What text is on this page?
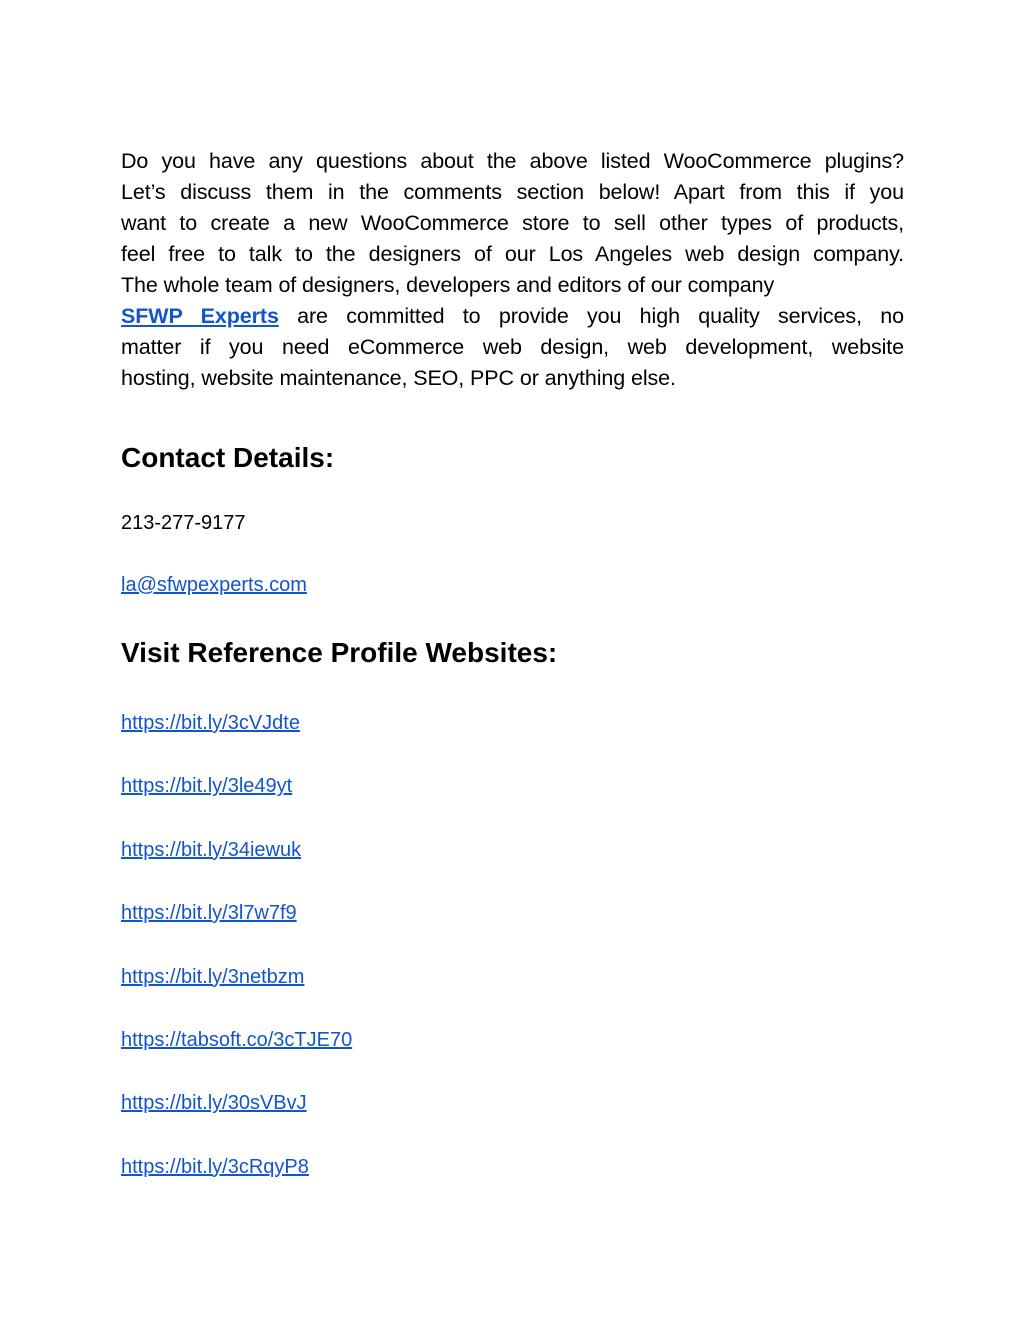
Do you have any questions about the above listed WooCommerce plugins?
Let’s discuss them in the comments section below! Apart from this if you
want to create a new WooCommerce store to sell other types of products,
feel free to talk to the designers of our Los Angeles web design company.
The whole team of designers, developers and editors of our company
SFWP Experts are committed to provide you high quality services, no
matter if you need eCommerce web design, web development, website
hosting, website maintenance, SEO, PPC or anything else.

Contact Details:
213-277-9177
la@sfwpexperts.com
Visit Reference Profile Websites:
https://bit.ly/3cVJdte
https://bit.ly/3le49yt
https://bit.ly/34iewuk
https://bit.ly/3l7w7f9
https://bit.ly/3netbzm
https://tabsoft.co/3cTJE70
https://bit.ly/30sVBvJ
https://bit.ly/3cRqyP8
